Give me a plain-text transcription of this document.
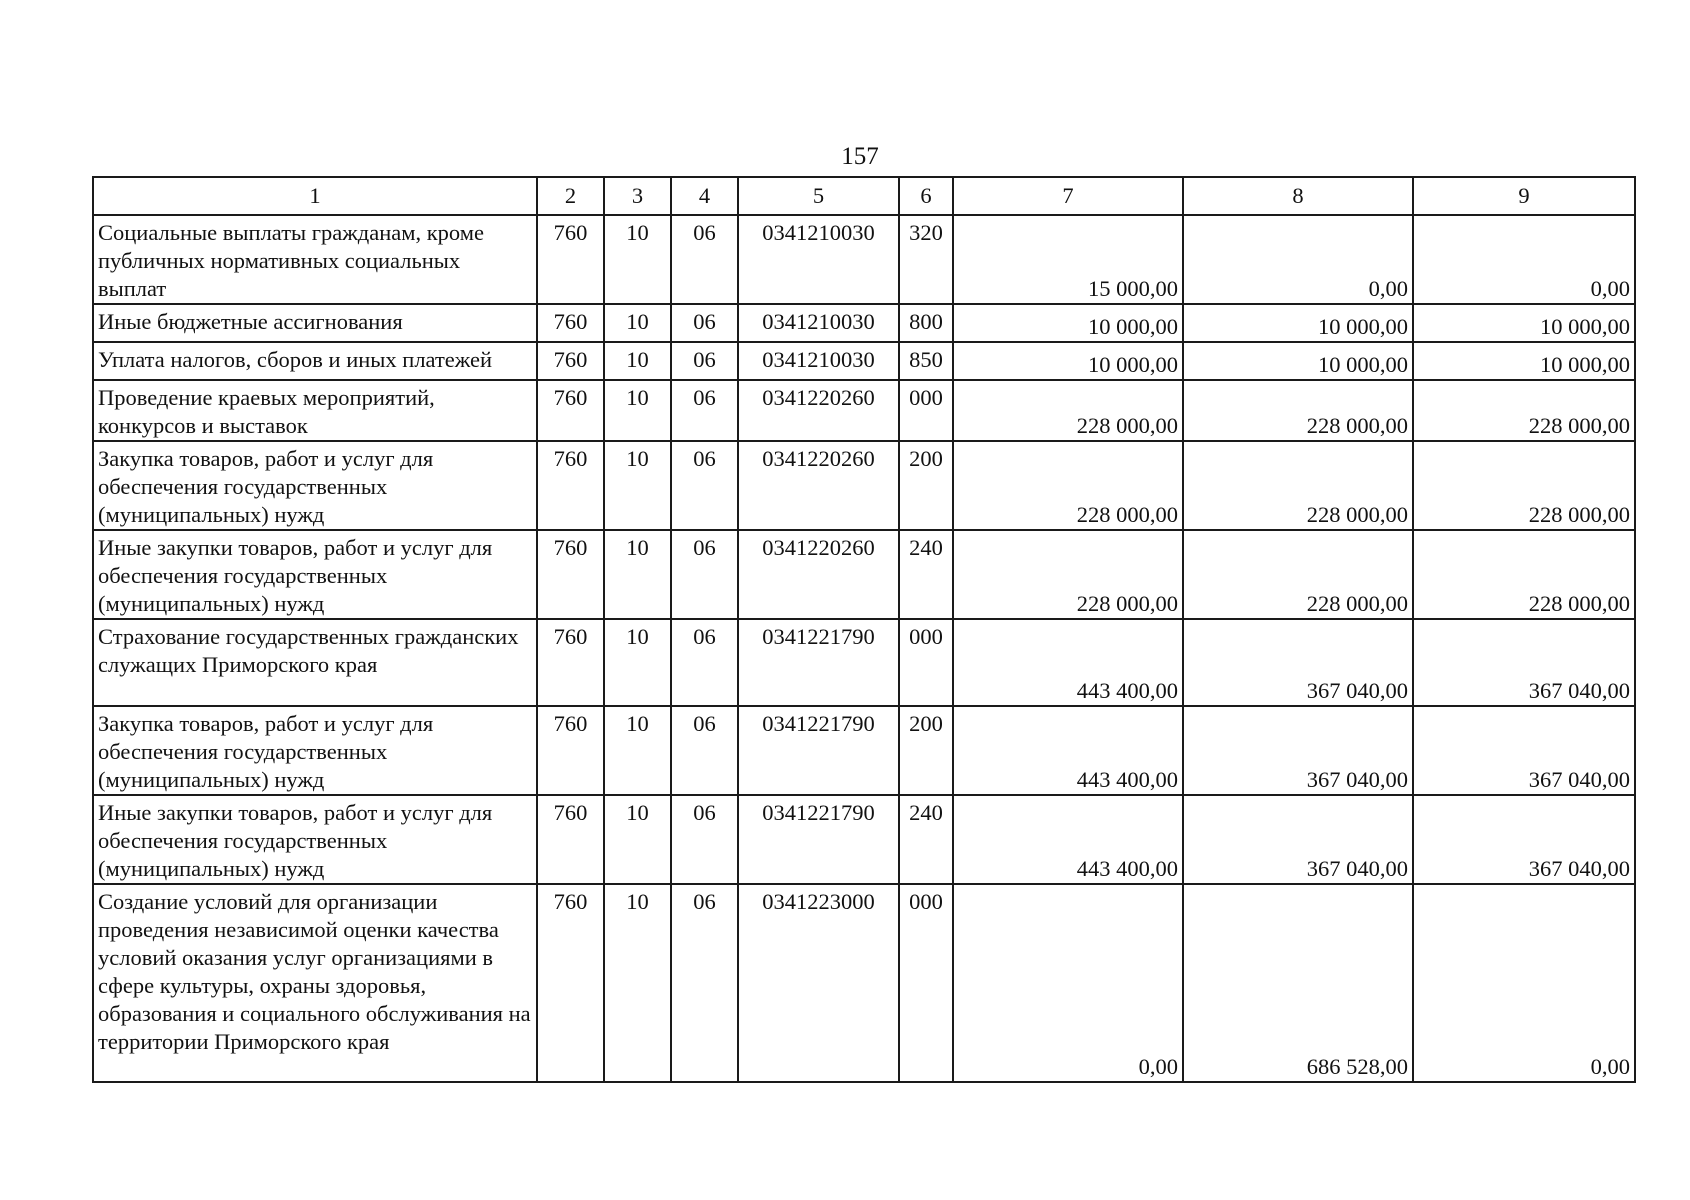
157
1	2	3	4	5	6	7	8	9
Социальные выплаты гражданам, кроме публичных нормативных социальных выплат	760	10	06	0341210030	320	15 000,00	0,00	0,00
Иные бюджетные ассигнования	760	10	06	0341210030	800	10 000,00	10 000,00	10 000,00
Уплата налогов, сборов и иных платежей	760	10	06	0341210030	850	10 000,00	10 000,00	10 000,00
Проведение краевых мероприятий, конкурсов и выставок	760	10	06	0341220260	000	228 000,00	228 000,00	228 000,00
Закупка товаров, работ и услуг для обеспечения государственных (муниципальных) нужд	760	10	06	0341220260	200	228 000,00	228 000,00	228 000,00
Иные закупки товаров, работ и услуг для обеспечения государственных (муниципальных) нужд	760	10	06	0341220260	240	228 000,00	228 000,00	228 000,00
Страхование государственных гражданских служащих Приморского края	760	10	06	0341221790	000	443 400,00	367 040,00	367 040,00
Закупка товаров, работ и услуг для обеспечения государственных (муниципальных) нужд	760	10	06	0341221790	200	443 400,00	367 040,00	367 040,00
Иные закупки товаров, работ и услуг для обеспечения государственных (муниципальных) нужд	760	10	06	0341221790	240	443 400,00	367 040,00	367 040,00
Создание условий для организации проведения независимой оценки качества условий оказания услуг организациями в сфере культуры, охраны здоровья, образования и социального обслуживания на территории Приморского края	760	10	06	0341223000	000	0,00	686 528,00	0,00
